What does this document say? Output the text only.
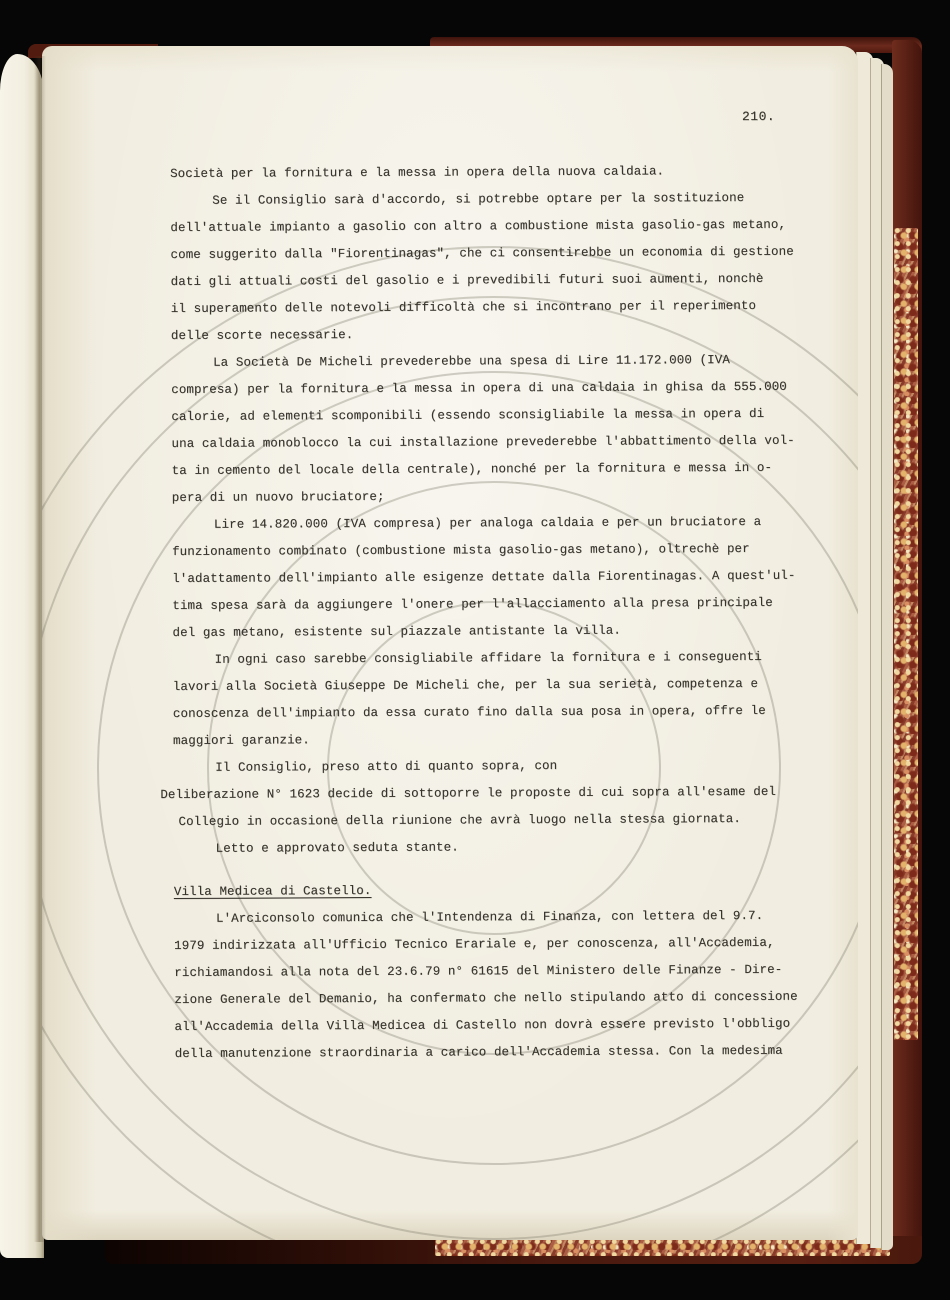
210.
Società per la fornitura e la messa in opera della nuova caldaia.
Se il Consiglio sarà d'accordo, si potrebbe optare per la sostituzione
dell'attuale impianto a gasolio con altro a combustione mista gasolio-gas metano,
come suggerito dalla "Fiorentinagas", che ci consentirebbe un economia di gestione
dati gli attuali costi del gasolio e i prevedibili futuri suoi aumenti, nonchè
il superamento delle notevoli difficoltà che si incontrano per il reperimento
delle scorte necessarie.
La Società De Micheli prevederebbe una spesa di Lire 11.172.000 (IVA
compresa) per la fornitura e la messa in opera di una caldaia in ghisa da 555.000
calorie, ad elementi scomponibili (essendo sconsigliabile la messa in opera di
una caldaia monoblocco la cui installazione prevederebbe l'abbattimento della vol-
ta in cemento del locale della centrale), nonché per la fornitura e messa in o-
pera di un nuovo bruciatore;
Lire 14.820.000 (IVA compresa) per analoga caldaia e per un bruciatore a
funzionamento combinato (combustione mista gasolio-gas metano), oltrechè per
l'adattamento dell'impianto alle esigenze dettate dalla Fiorentinagas. A quest'ul-
tima spesa sarà da aggiungere l'onere per l'allacciamento alla presa principale
del gas metano, esistente sul piazzale antistante la villa.
In ogni caso sarebbe consigliabile affidare la fornitura e i conseguenti
lavori alla Società Giuseppe De Micheli che, per la sua serietà, competenza e
conoscenza dell'impianto da essa curato fino dalla sua posa in opera, offre le
maggiori garanzie.
Il Consiglio, preso atto di quanto sopra, con
Deliberazione N° 1623 decide di sottoporre le proposte di cui sopra all'esame del
Collegio in occasione della riunione che avrà luogo nella stessa giornata.
Letto e approvato seduta stante.
Villa Medicea di Castello.
L'Arciconsolo comunica che l'Intendenza di Finanza, con lettera del 9.7.
1979 indirizzata all'Ufficio Tecnico Erariale e, per conoscenza, all'Accademia,
richiamandosi alla nota del 23.6.79 n° 61615 del Ministero delle Finanze - Dire-
zione Generale del Demanio, ha confermato che nello stipulando atto di concessione
all'Accademia della Villa Medicea di Castello non dovrà essere previsto l'obbligo
della manutenzione straordinaria a carico dell'Accademia stessa. Con la medesima
